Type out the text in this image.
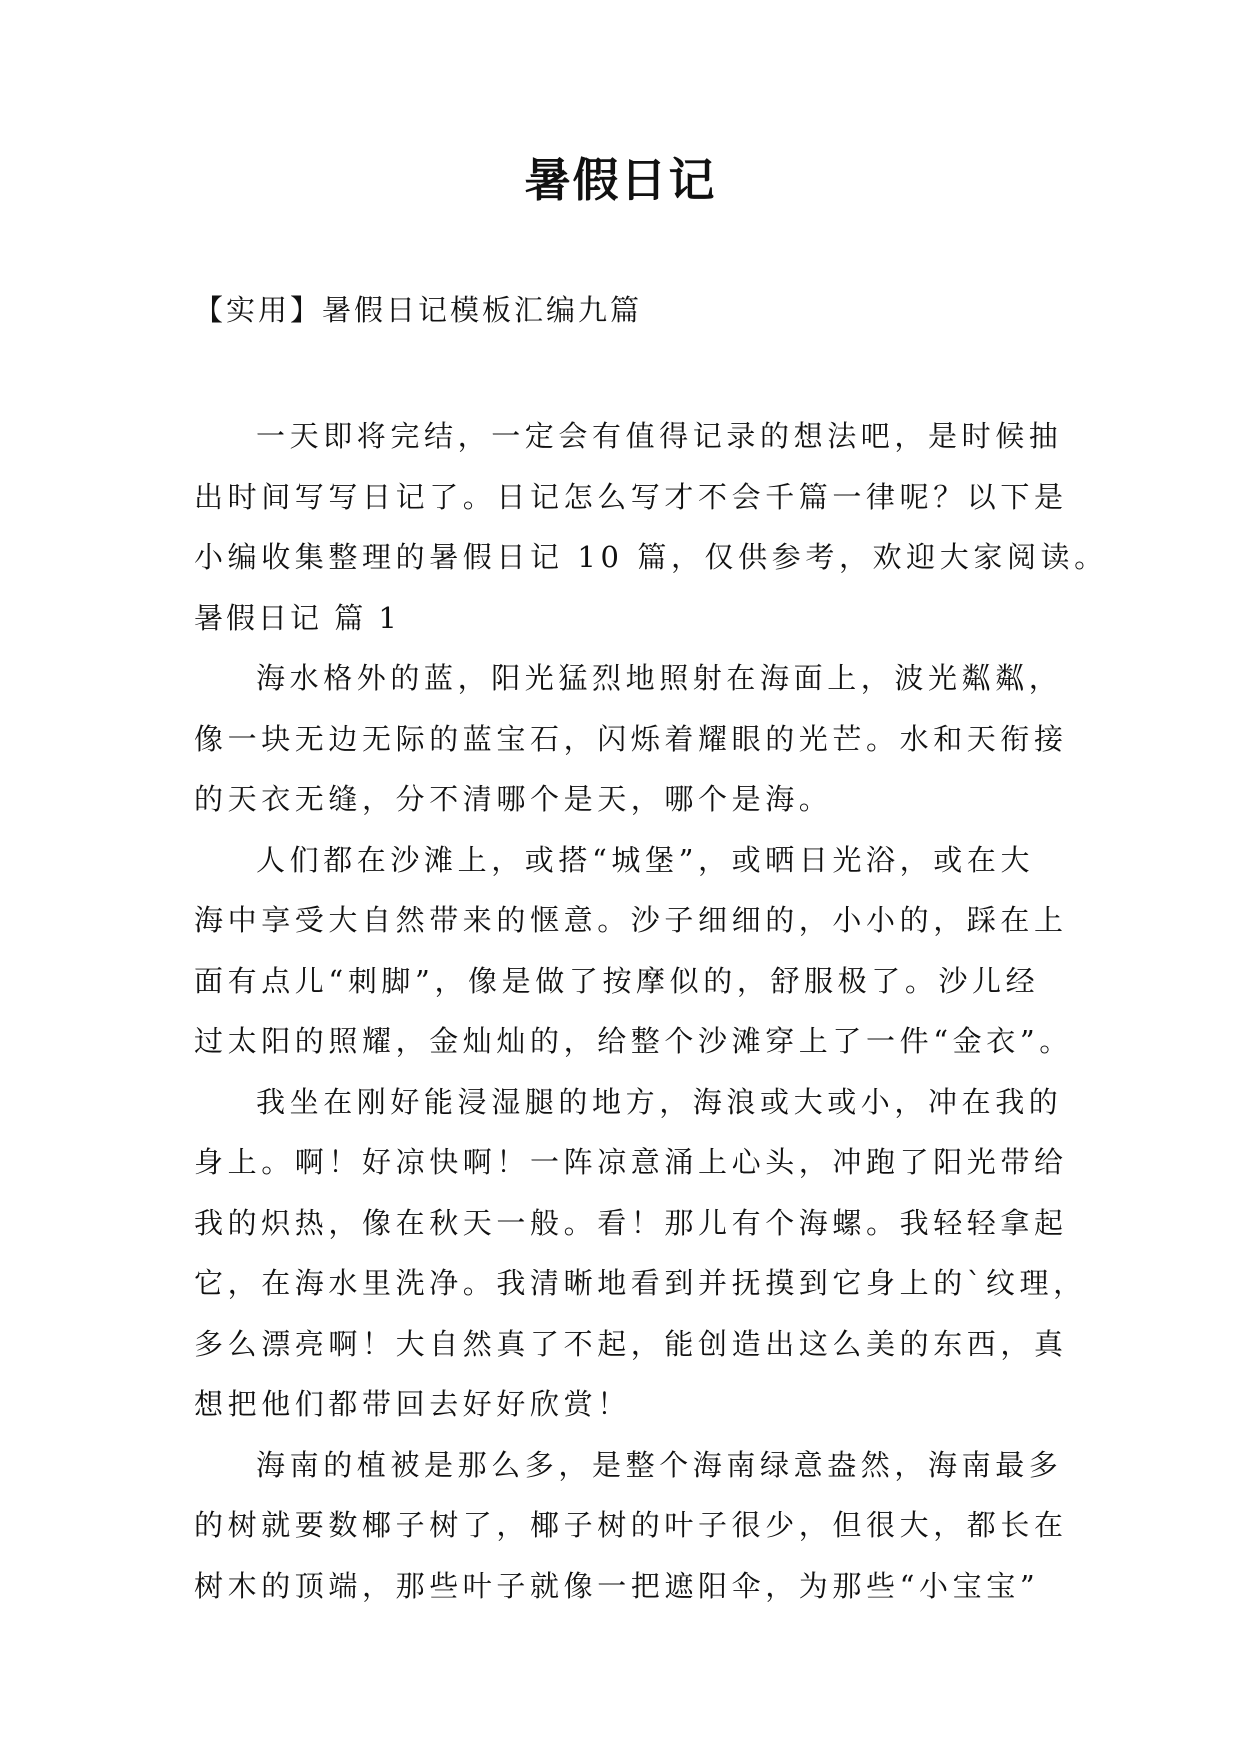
暑假日记
【实用】暑假日记模板汇编九篇
一天即将完结，一定会有值得记录的想法吧，是时候抽
出时间写写日记了。日记怎么写才不会千篇一律呢？以下是
小编收集整理的暑假日记 10 篇，仅供参考，欢迎大家阅读。
暑假日记 篇 1
海水格外的蓝，阳光猛烈地照射在海面上，波光粼粼，
像一块无边无际的蓝宝石，闪烁着耀眼的光芒。水和天衔接
的天衣无缝，分不清哪个是天，哪个是海。
人们都在沙滩上，或搭“城堡”，或晒日光浴，或在大
海中享受大自然带来的惬意。沙子细细的，小小的，踩在上
面有点儿“刺脚”，像是做了按摩似的，舒服极了。沙儿经
过太阳的照耀，金灿灿的，给整个沙滩穿上了一件“金衣”。
我坐在刚好能浸湿腿的地方，海浪或大或小，冲在我的
身上。啊！好凉快啊！一阵凉意涌上心头，冲跑了阳光带给
我的炽热，像在秋天一般。看！那儿有个海螺。我轻轻拿起
它，在海水里洗净。我清晰地看到并抚摸到它身上的`纹理，
多么漂亮啊！大自然真了不起，能创造出这么美的东西，真
想把他们都带回去好好欣赏！
海南的植被是那么多，是整个海南绿意盎然，海南最多
的树就要数椰子树了，椰子树的叶子很少，但很大，都长在
树木的顶端，那些叶子就像一把遮阳伞，为那些“小宝宝”
